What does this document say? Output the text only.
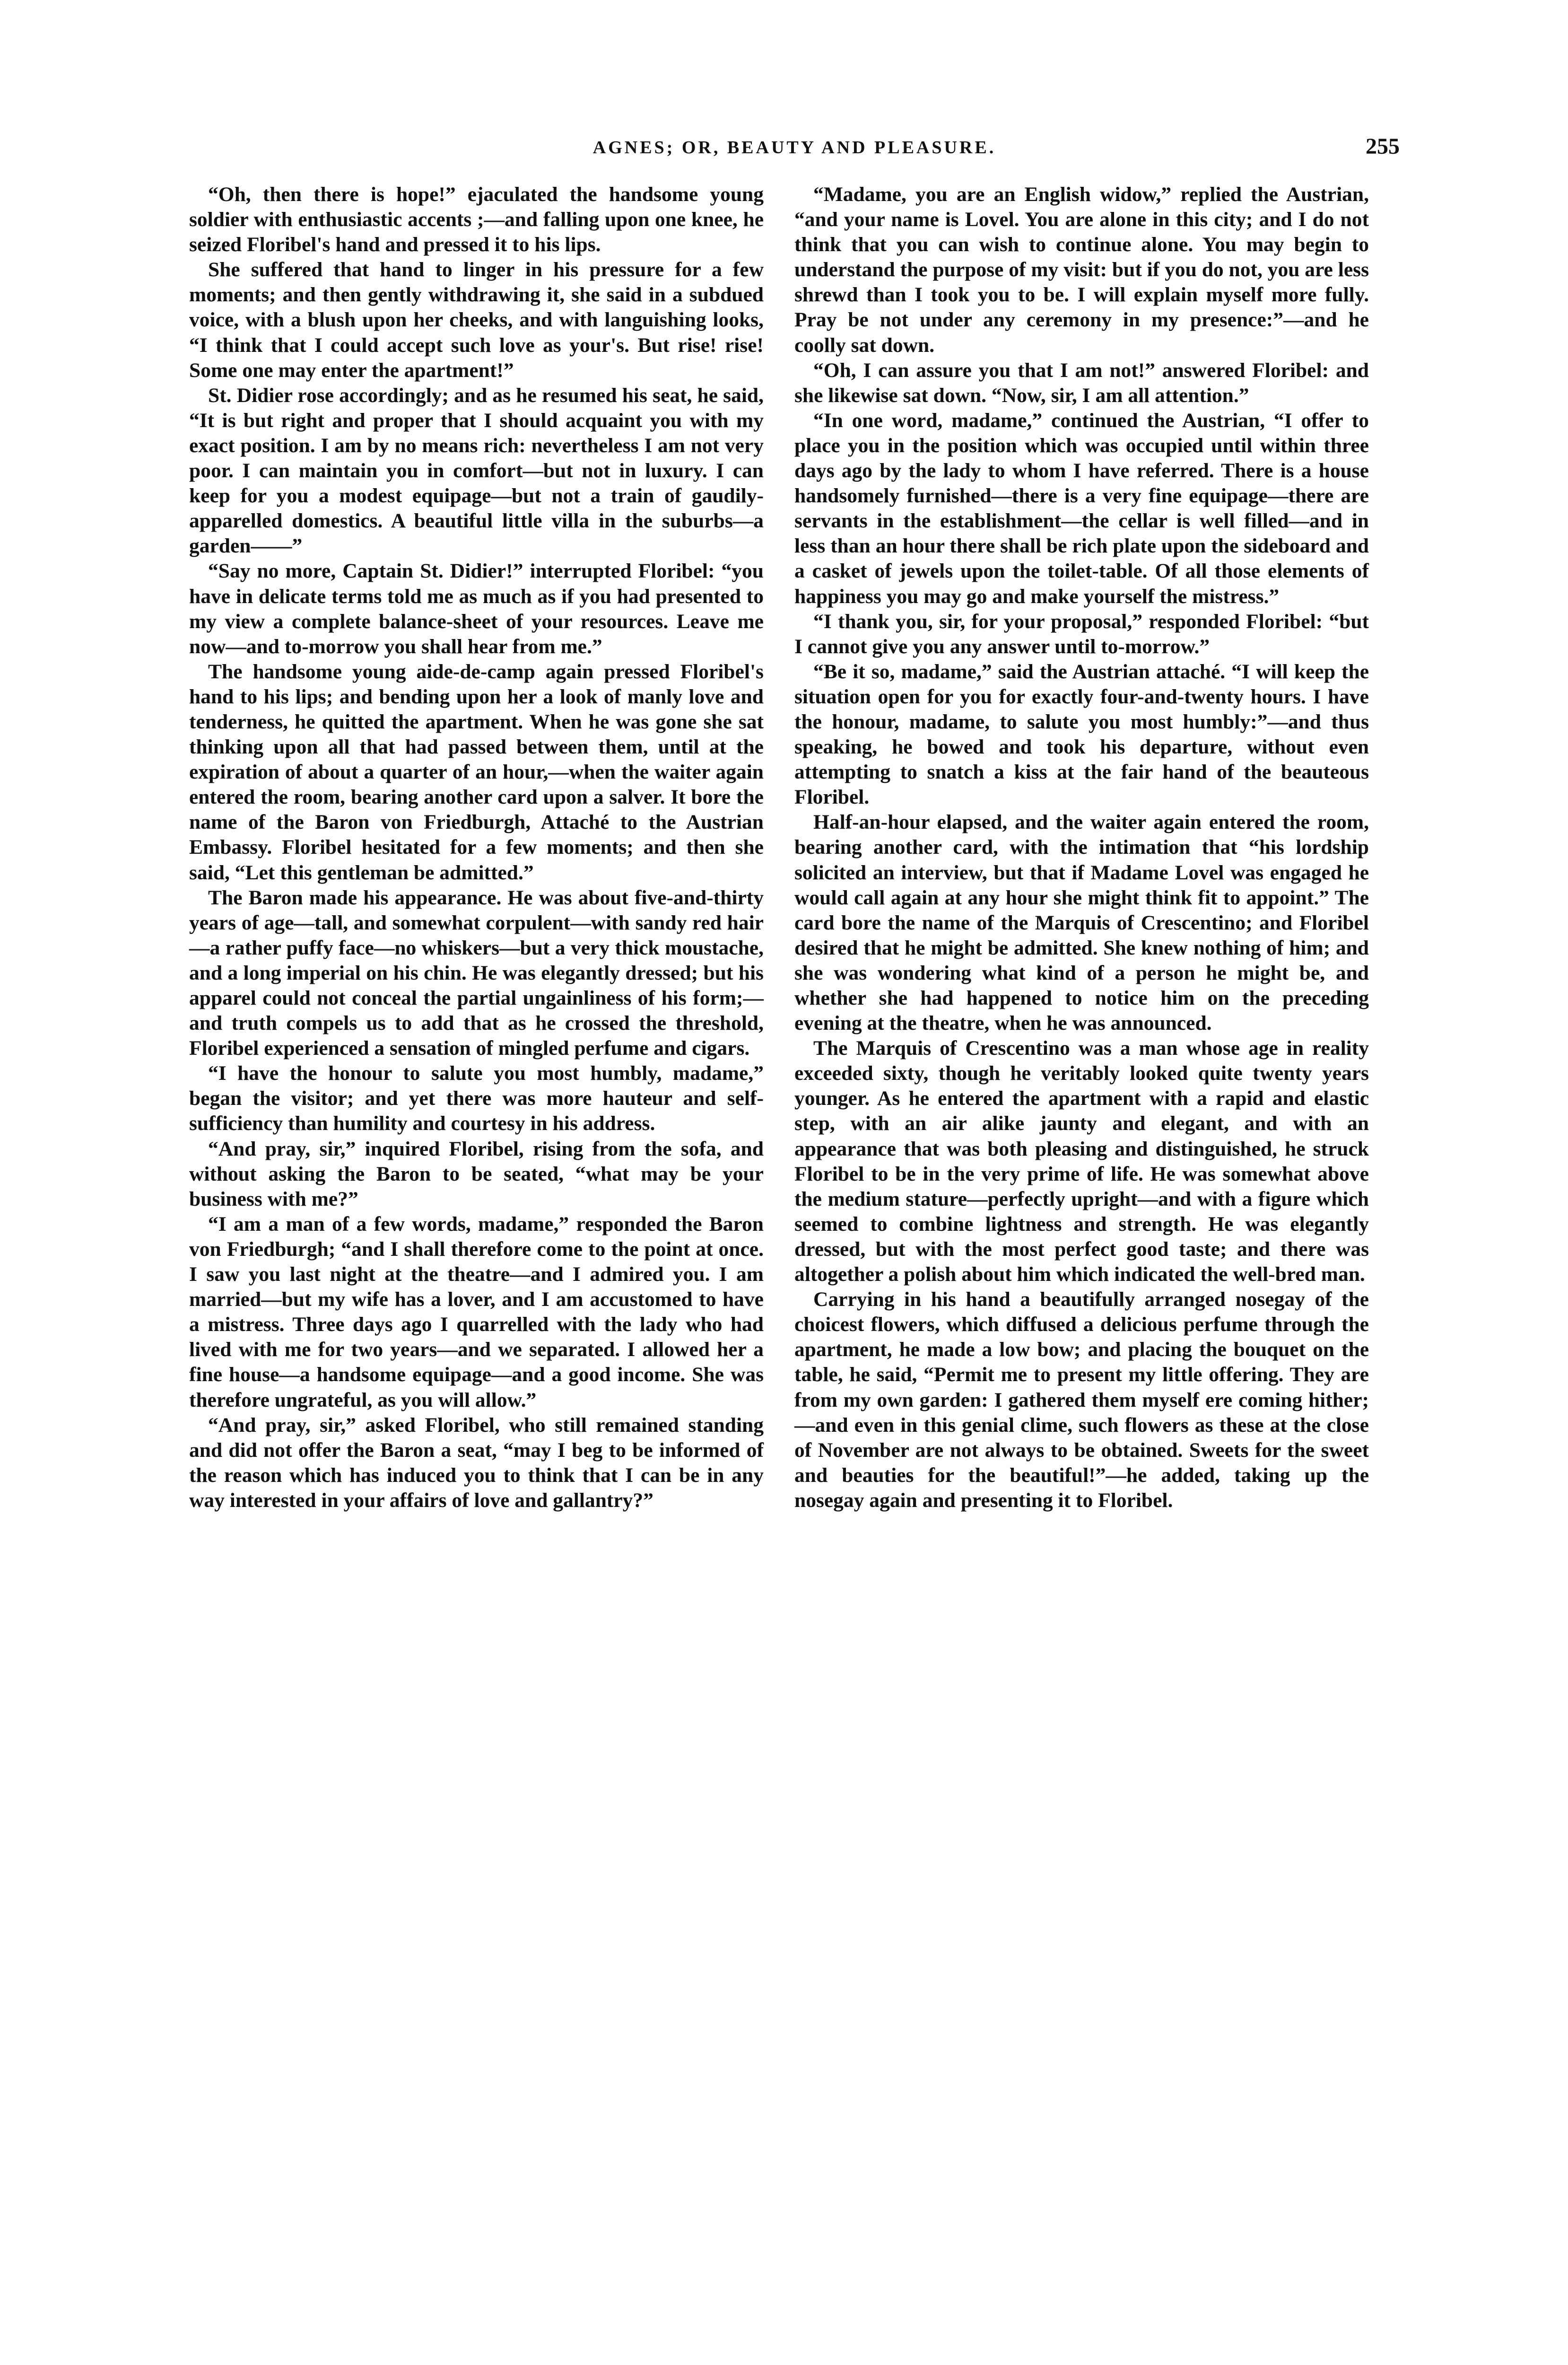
AGNES; OR, BEAUTY AND PLEASURE.	255

“Oh, then there is hope!” ejaculated the handsome young soldier with enthusiastic accents ;—and falling upon one knee, he seized Floribel's hand and pressed it to his lips.

She suffered that hand to linger in his pressure for a few moments; and then gently withdrawing it, she said in a subdued voice, with a blush upon her cheeks, and with languishing looks, “I think that I could accept such love as your's. But rise! rise! Some one may enter the apartment!”

St. Didier rose accordingly; and as he resumed his seat, he said, “It is but right and proper that I should acquaint you with my exact position. I am by no means rich: nevertheless I am not very poor. I can maintain you in comfort—but not in luxury. I can keep for you a modest equipage—but not a train of gaudily-apparelled domestics. A beautiful little villa in the suburbs—a garden——”

“Say no more, Captain St. Didier!” interrupted Floribel: “you have in delicate terms told me as much as if you had presented to my view a complete balance-sheet of your resources. Leave me now—and to-morrow you shall hear from me.”

The handsome young aide-de-camp again pressed Floribel's hand to his lips; and bending upon her a look of manly love and tenderness, he quitted the apartment. When he was gone she sat thinking upon all that had passed between them, until at the expiration of about a quarter of an hour,—when the waiter again entered the room, bearing another card upon a salver. It bore the name of the Baron von Friedburgh, Attaché to the Austrian Embassy. Floribel hesitated for a few moments; and then she said, “Let this gentleman be admitted.”

The Baron made his appearance. He was about five-and-thirty years of age—tall, and somewhat corpulent—with sandy red hair—a rather puffy face—no whiskers—but a very thick moustache, and a long imperial on his chin. He was elegantly dressed; but his apparel could not conceal the partial ungainliness of his form;—and truth compels us to add that as he crossed the threshold, Floribel experienced a sensation of mingled perfume and cigars.

“I have the honour to salute you most humbly, madame,” began the visitor; and yet there was more hauteur and self-sufficiency than humility and courtesy in his address.

“And pray, sir,” inquired Floribel, rising from the sofa, and without asking the Baron to be seated, “what may be your business with me?”

“I am a man of a few words, madame,” responded the Baron von Friedburgh; “and I shall therefore come to the point at once. I saw you last night at the theatre—and I admired you. I am married—but my wife has a lover, and I am accustomed to have a mistress. Three days ago I quarrelled with the lady who had lived with me for two years—and we separated. I allowed her a fine house—a handsome equipage—and a good income. She was therefore ungrateful, as you will allow.”

“And pray, sir,” asked Floribel, who still remained standing and did not offer the Baron a seat, “may I beg to be informed of the reason which has induced you to think that I can be in any way interested in your affairs of love and gallantry?”

“Madame, you are an English widow,” replied the Austrian, “and your name is Lovel. You are alone in this city; and I do not think that you can wish to continue alone. You may begin to understand the purpose of my visit: but if you do not, you are less shrewd than I took you to be. I will explain myself more fully. Pray be not under any ceremony in my presence:”—and he coolly sat down.

“Oh, I can assure you that I am not!” answered Floribel: and she likewise sat down. “Now, sir, I am all attention.”

“In one word, madame,” continued the Austrian, “I offer to place you in the position which was occupied until within three days ago by the lady to whom I have referred. There is a house handsomely furnished—there is a very fine equipage—there are servants in the establishment—the cellar is well filled—and in less than an hour there shall be rich plate upon the sideboard and a casket of jewels upon the toilet-table. Of all those elements of happiness you may go and make yourself the mistress.”

“I thank you, sir, for your proposal,” responded Floribel: “but I cannot give you any answer until to-morrow.”

“Be it so, madame,” said the Austrian attaché. “I will keep the situation open for you for exactly four-and-twenty hours. I have the honour, madame, to salute you most humbly:”—and thus speaking, he bowed and took his departure, without even attempting to snatch a kiss at the fair hand of the beauteous Floribel.

Half-an-hour elapsed, and the waiter again entered the room, bearing another card, with the intimation that “his lordship solicited an interview, but that if Madame Lovel was engaged he would call again at any hour she might think fit to appoint.” The card bore the name of the Marquis of Crescentino; and Floribel desired that he might be admitted. She knew nothing of him; and she was wondering what kind of a person he might be, and whether she had happened to notice him on the preceding evening at the theatre, when he was announced.

The Marquis of Crescentino was a man whose age in reality exceeded sixty, though he veritably looked quite twenty years younger. As he entered the apartment with a rapid and elastic step, with an air alike jaunty and elegant, and with an appearance that was both pleasing and distinguished, he struck Floribel to be in the very prime of life. He was somewhat above the medium stature—perfectly upright—and with a figure which seemed to combine lightness and strength. He was elegantly dressed, but with the most perfect good taste; and there was altogether a polish about him which indicated the well-bred man.

Carrying in his hand a beautifully arranged nosegay of the choicest flowers, which diffused a delicious perfume through the apartment, he made a low bow; and placing the bouquet on the table, he said, “Permit me to present my little offering. They are from my own garden: I gathered them myself ere coming hither;—and even in this genial clime, such flowers as these at the close of November are not always to be obtained. Sweets for the sweet and beauties for the beautiful!”—he added, taking up the nosegay again and presenting it to Floribel.
